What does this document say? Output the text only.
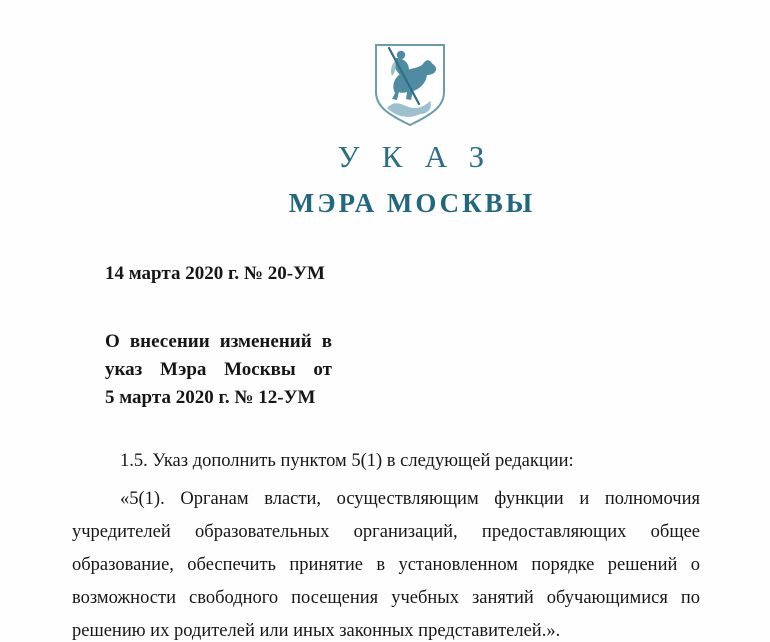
УКАЗ
МЭРА МОСКВЫ
14 марта 2020 г. № 20-УМ
О внесении изменений в
указ Мэра Москвы от
5 марта 2020 г. № 12-УМ
1.5. Указ дополнить пунктом 5(1) в следующей редакции:
«5(1). Органам власти, осуществляющим функции и полномочия
учредителей образовательных организаций, предоставляющих общее
образование, обеспечить принятие в установленном порядке решений о
возможности свободного посещения учебных занятий обучающимися по
решению их родителей или иных законных представителей.».
